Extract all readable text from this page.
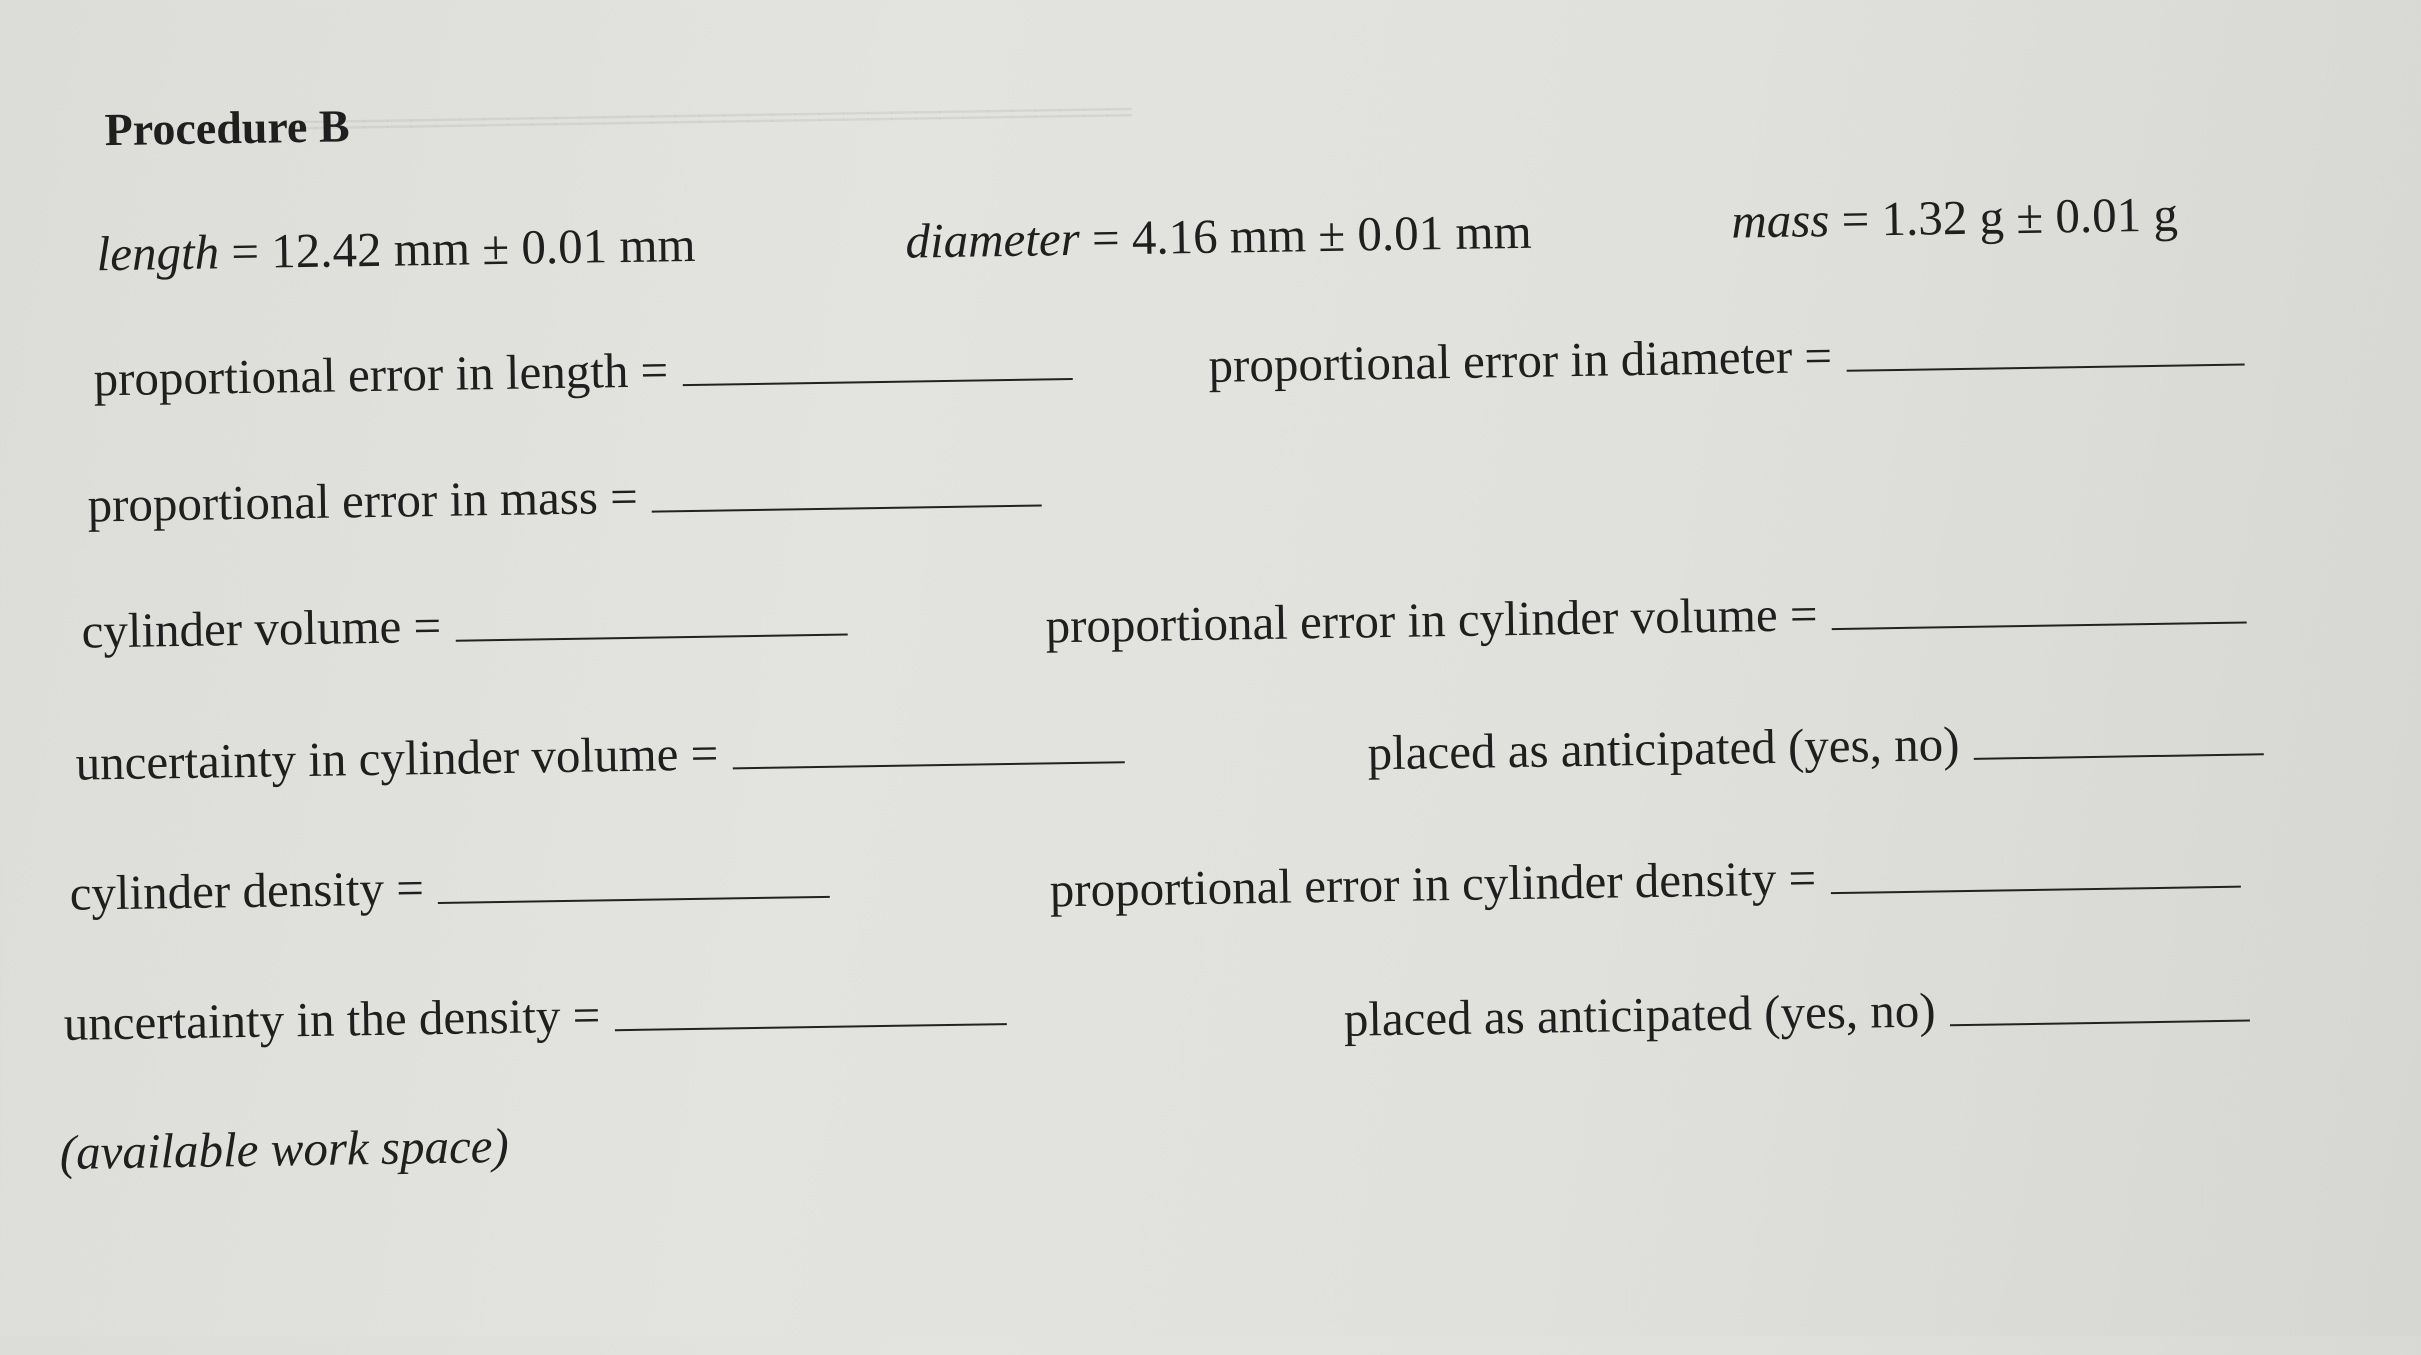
‗‗‗‗‗‗‗‗‗‗‗‗‗‗‗‗‗‗‗‗‗‗‗‗‗‗‗‗‗‗‗‗‗‗‗
Procedure B
length = 12.42 mm ± 0.01 mm	diameter = 4.16 mm ± 0.01 mm	mass = 1.32 g ± 0.01 g
proportional error in length =	proportional error in diameter =
proportional error in mass =
cylinder volume =	proportional error in cylinder volume =
uncertainty in cylinder volume =	placed as anticipated (yes, no)
cylinder density =	proportional error in cylinder density =
uncertainty in the density =	placed as anticipated (yes, no)
(available work space)
